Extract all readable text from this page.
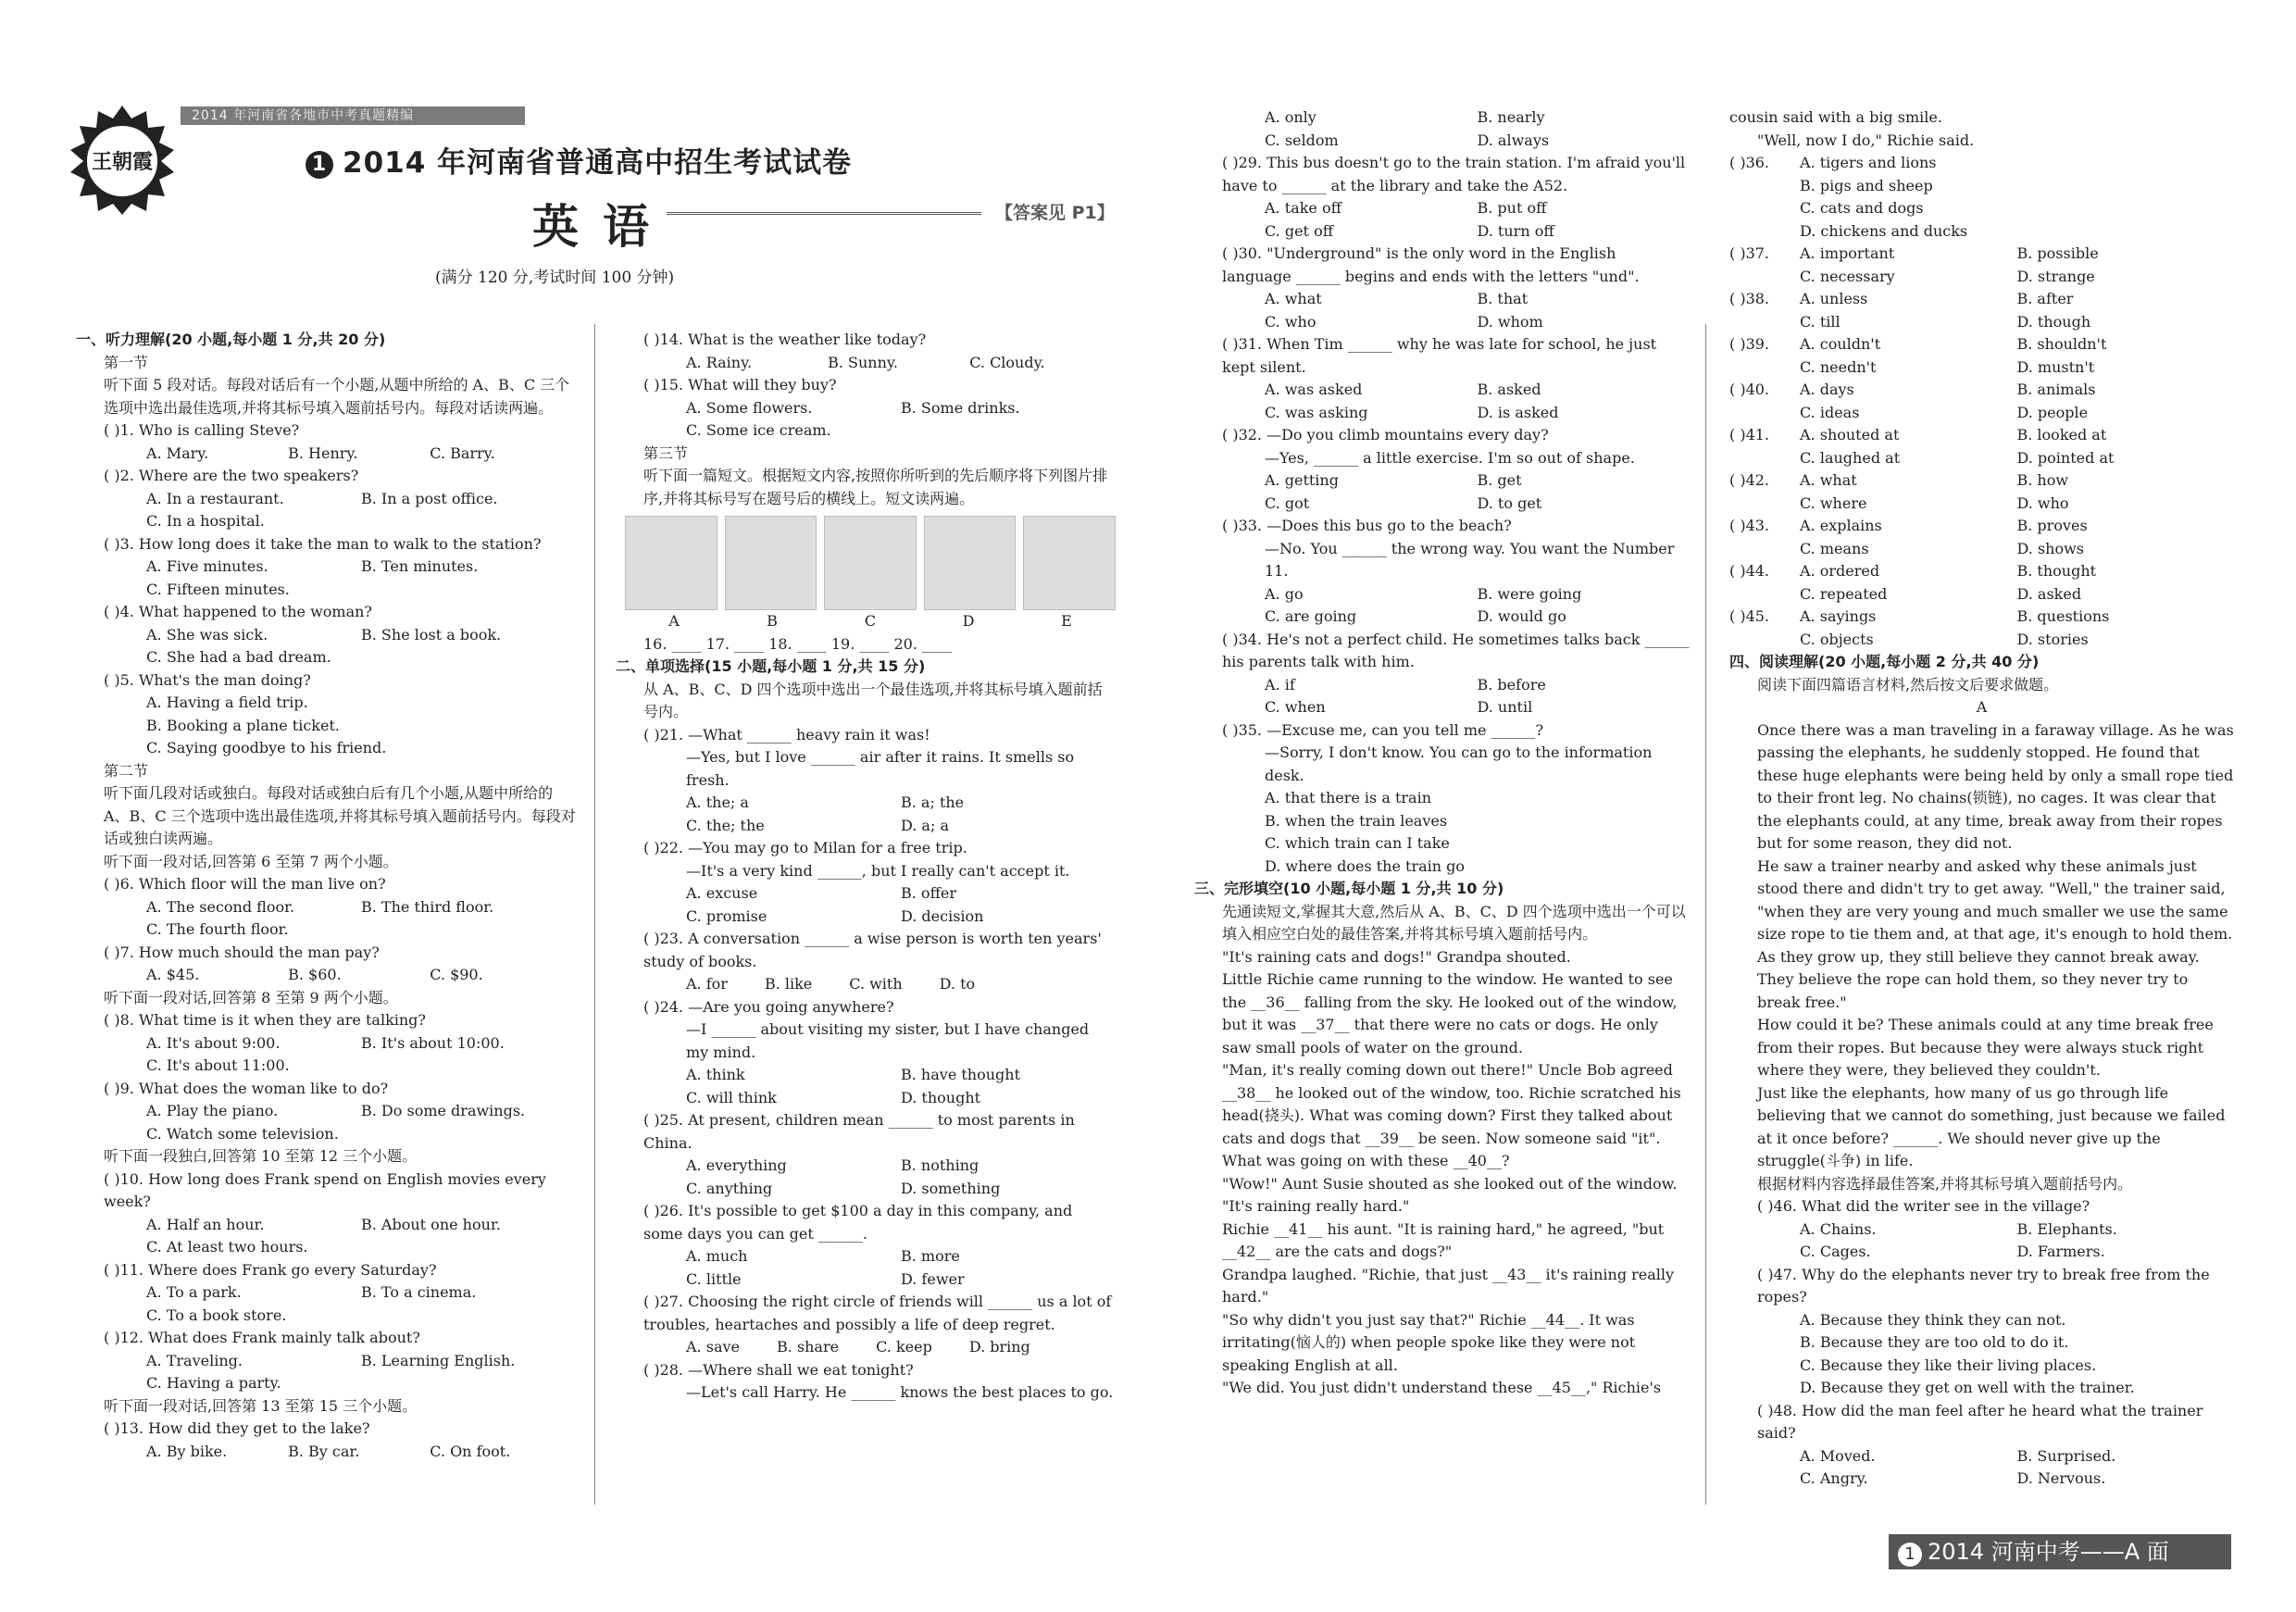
2014 年河南省各地市中考真题精编
王朝霞	1 2014 年河南省普通高中招生考试试卷
英语	【答案见 P1】
(满分 120 分,考试时间 100 分钟)

一、听力理解(20 小题,每小题 1 分,共 20 分)

第一节

听下面 5 段对话。每段对话后有一个小题,从题中所给的 A、B、C 三个选项中选出最佳选项,并将其标号填入题前括号内。每段对话读两遍。

( )1. Who is calling Steve?

A. Mary.	B. Henry.	C. Barry.

( )2. Where are the two speakers?

A. In a restaurant.	B. In a post office.
C. In a hospital.

( )3. How long does it take the man to walk to the station?

A. Five minutes.	B. Ten minutes.
C. Fifteen minutes.

( )4. What happened to the woman?

A. She was sick.	B. She lost a book.
C. She had a bad dream.

( )5. What's the man doing?

A. Having a field trip.
B. Booking a plane ticket.
C. Saying goodbye to his friend.

第二节

听下面几段对话或独白。每段对话或独白后有几个小题,从题中所给的 A、B、C 三个选项中选出最佳选项,并将其标号填入题前括号内。每段对话或独白读两遍。

听下面一段对话,回答第 6 至第 7 两个小题。

( )6. Which floor will the man live on?

A. The second floor.	B. The third floor.
C. The fourth floor.

( )7. How much should the man pay?

A. $45.	B. $60.	C. $90.

听下面一段对话,回答第 8 至第 9 两个小题。

( )8. What time is it when they are talking?

A. It's about 9:00.	B. It's about 10:00.
C. It's about 11:00.

( )9. What does the woman like to do?

A. Play the piano.	B. Do some drawings.
C. Watch some television.

听下面一段独白,回答第 10 至第 12 三个小题。

( )10. How long does Frank spend on English movies every week?

A. Half an hour.	B. About one hour.
C. At least two hours.

( )11. Where does Frank go every Saturday?

A. To a park.	B. To a cinema.
C. To a book store.

( )12. What does Frank mainly talk about?

A. Traveling.	B. Learning English.
C. Having a party.

听下面一段对话,回答第 13 至第 15 三个小题。

( )13. How did they get to the lake?

A. By bike.	B. By car.	C. On foot.

( )14. What is the weather like today?

A. Rainy.	B. Sunny.	C. Cloudy.

( )15. What will they buy?

A. Some flowers.	B. Some drinks.
C. Some ice cream.

第三节

听下面一篇短文。根据短文内容,按照你所听到的先后顺序将下列图片排序,并将其标号写在题号后的横线上。短文读两遍。

A	B	C	D	E

16. ____ 17. ____ 18. ____ 19. ____ 20. ____

二、单项选择(15 小题,每小题 1 分,共 15 分)

从 A、B、C、D 四个选项中选出一个最佳选项,并将其标号填入题前括号内。

( )21. —What ______ heavy rain it was!

—Yes, but I love ______ air after it rains. It smells so fresh.

A. the; a	B. a; the
C. the; the	D. a; a

( )22. —You may go to Milan for a free trip.

—It's a very kind ______, but I really can't accept it.

A. excuse	B. offer
C. promise	D. decision

( )23. A conversation ______ a wise person is worth ten years' study of books.

A. for	B. like	C. with	D. to

( )24. —Are you going anywhere?

—I ______ about visiting my sister, but I have changed my mind.

A. think	B. have thought
C. will think	D. thought

( )25. At present, children mean ______ to most parents in China.

A. everything	B. nothing
C. anything	D. something

( )26. It's possible to get $100 a day in this company, and some days you can get ______.

A. much	B. more
C. little	D. fewer

( )27. Choosing the right circle of friends will ______ us a lot of troubles, heartaches and possibly a life of deep regret.

A. save	B. share	C. keep	D. bring

( )28. —Where shall we eat tonight?

—Let's call Harry. He ______ knows the best places to go.

A. only	B. nearly
C. seldom	D. always

( )29. This bus doesn't go to the train station. I'm afraid you'll have to ______ at the library and take the A52.

A. take off	B. put off
C. get off	D. turn off

( )30. "Underground" is the only word in the English language ______ begins and ends with the letters "und".

A. what	B. that
C. who	D. whom

( )31. When Tim ______ why he was late for school, he just kept silent.

A. was asked	B. asked
C. was asking	D. is asked

( )32. —Do you climb mountains every day?

—Yes, ______ a little exercise. I'm so out of shape.

A. getting	B. get
C. got	D. to get

( )33. —Does this bus go to the beach?

—No. You ______ the wrong way. You want the Number 11.

A. go	B. were going
C. are going	D. would go

( )34. He's not a perfect child. He sometimes talks back ______ his parents talk with him.

A. if	B. before
C. when	D. until

( )35. —Excuse me, can you tell me ______?

—Sorry, I don't know. You can go to the information desk.

A. that there is a train
B. when the train leaves
C. which train can I take
D. where does the train go

三、完形填空(10 小题,每小题 1 分,共 10 分)

先通读短文,掌握其大意,然后从 A、B、C、D 四个选项中选出一个可以填入相应空白处的最佳答案,并将其标号填入题前括号内。

"It's raining cats and dogs!" Grandpa shouted.

Little Richie came running to the window. He wanted to see the __36__ falling from the sky. He looked out of the window, but it was __37__ that there were no cats or dogs. He only saw small pools of water on the ground.

"Man, it's really coming down out there!" Uncle Bob agreed __38__ he looked out of the window, too. Richie scratched his head(挠头). What was coming down? First they talked about cats and dogs that __39__ be seen. Now someone said "it". What was going on with these __40__?

"Wow!" Aunt Susie shouted as she looked out of the window. "It's raining really hard."

Richie __41__ his aunt. "It is raining hard," he agreed, "but __42__ are the cats and dogs?"

Grandpa laughed. "Richie, that just __43__ it's raining really hard."

"So why didn't you just say that?" Richie __44__. It was irritating(恼人的) when people spoke like they were not speaking English at all.

"We did. You just didn't understand these __45__," Richie's

cousin said with a big smile.

"Well, now I do," Richie said.

( )36.	A. tigers and lions
B. pigs and sheep
C. cats and dogs
D. chickens and ducks
( )37.	A. important	B. possible
C. necessary	D. strange
( )38.	A. unless	B. after
C. till	D. though
( )39.	A. couldn't	B. shouldn't
C. needn't	D. mustn't
( )40.	A. days	B. animals
C. ideas	D. people
( )41.	A. shouted at	B. looked at
C. laughed at	D. pointed at
( )42.	A. what	B. how
C. where	D. who
( )43.	A. explains	B. proves
C. means	D. shows
( )44.	A. ordered	B. thought
C. repeated	D. asked
( )45.	A. sayings	B. questions
C. objects	D. stories

四、阅读理解(20 小题,每小题 2 分,共 40 分)

阅读下面四篇语言材料,然后按文后要求做题。

A

Once there was a man traveling in a faraway village. As he was passing the elephants, he suddenly stopped. He found that these huge elephants were being held by only a small rope tied to their front leg. No chains(锁链), no cages. It was clear that the elephants could, at any time, break away from their ropes but for some reason, they did not.

He saw a trainer nearby and asked why these animals just stood there and didn't try to get away. "Well," the trainer said, "when they are very young and much smaller we use the same size rope to tie them and, at that age, it's enough to hold them. As they grow up, they still believe they cannot break away. They believe the rope can hold them, so they never try to break free."

How could it be? These animals could at any time break free from their ropes. But because they were always stuck right where they were, they believed they couldn't.

Just like the elephants, how many of us go through life believing that we cannot do something, just because we failed at it once before? ______. We should never give up the struggle(斗争) in life.

根据材料内容选择最佳答案,并将其标号填入题前括号内。

( )46. What did the writer see in the village?

A. Chains.	B. Elephants.
C. Cages.	D. Farmers.

( )47. Why do the elephants never try to break free from the ropes?

A. Because they think they can not.
B. Because they are too old to do it.
C. Because they like their living places.
D. Because they get on well with the trainer.

( )48. How did the man feel after he heard what the trainer said?

A. Moved.	B. Surprised.
C. Angry.	D. Nervous.
1 2014 河南中考——A 面
